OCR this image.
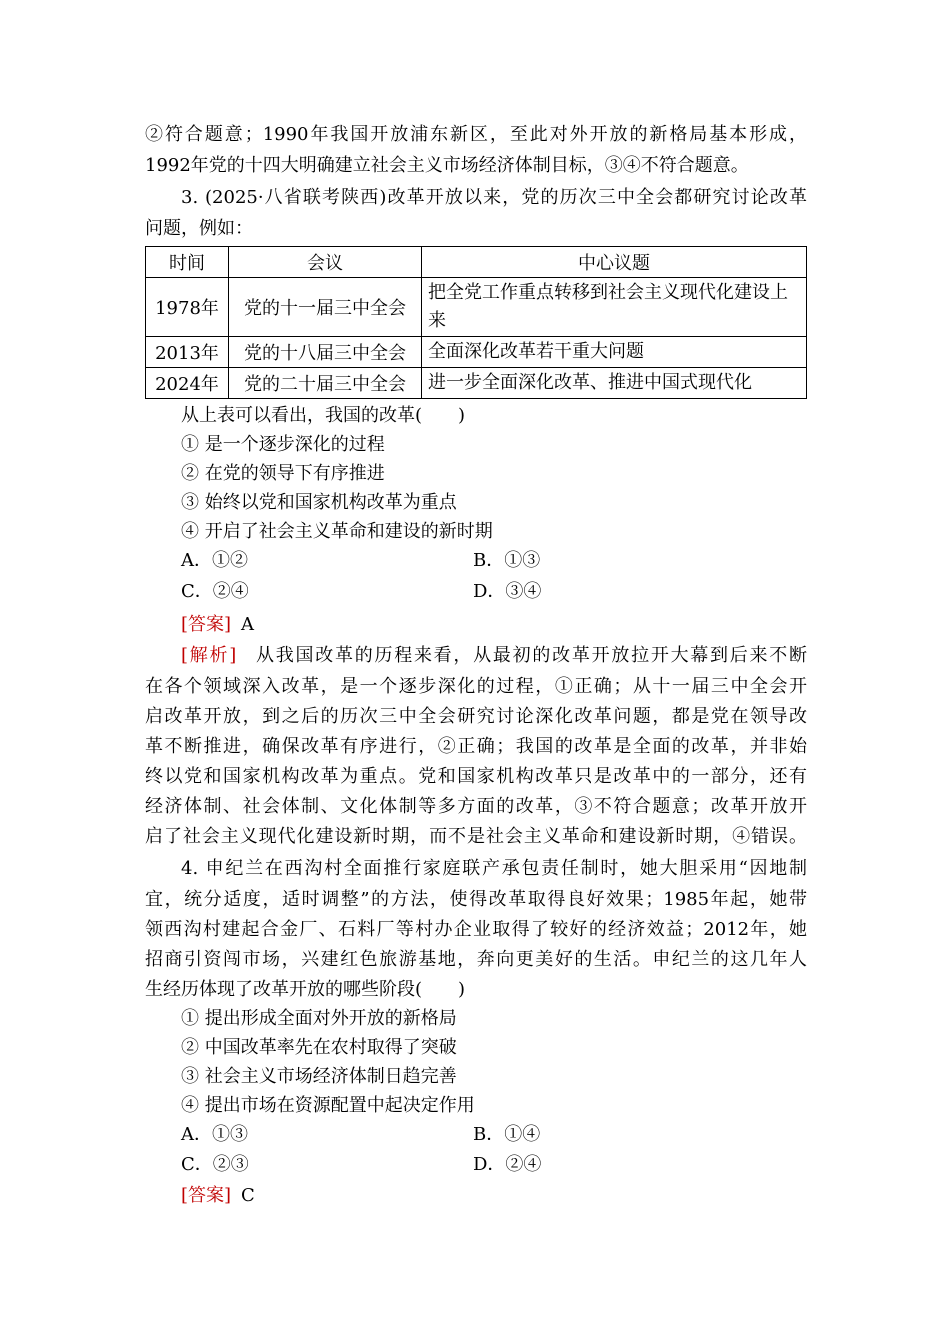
②符合题意；1990年我国开放浦东新区，至此对外开放的新格局基本形成，
1992年党的十四大明确建立社会主义市场经济体制目标，③④不符合题意。
3. (2025·八省联考陕西)改革开放以来，党的历次三中全会都研究讨论改革
问题，例如：
时间	会议	中心议题
1978年	党的十一届三中全会	把全党工作重点转移到社会主义现代化建设上来
2013年	党的十八届三中全会	全面深化改革若干重大问题
2024年	党的二十届三中全会	进一步全面深化改革、推进中国式现代化
从上表可以看出，我国的改革(　　)
① 是一个逐步深化的过程
② 在党的领导下有序推进
③ 始终以党和国家机构改革为重点
④ 开启了社会主义革命和建设的新时期
A．①②	B．①③
C．②④	D．③④
[答案] A
[解析] 从我国改革的历程来看，从最初的改革开放拉开大幕到后来不断
在各个领域深入改革，是一个逐步深化的过程，①正确；从十一届三中全会开
启改革开放，到之后的历次三中全会研究讨论深化改革问题，都是党在领导改
革不断推进，确保改革有序进行，②正确；我国的改革是全面的改革，并非始
终以党和国家机构改革为重点。党和国家机构改革只是改革中的一部分，还有
经济体制、社会体制、文化体制等多方面的改革，③不符合题意；改革开放开
启了社会主义现代化建设新时期，而不是社会主义革命和建设新时期，④错误。
4. 申纪兰在西沟村全面推行家庭联产承包责任制时，她大胆采用“因地制
宜，统分适度，适时调整”的方法，使得改革取得良好效果；1985年起，她带
领西沟村建起合金厂、石料厂等村办企业取得了较好的经济效益；2012年，她
招商引资闯市场，兴建红色旅游基地，奔向更美好的生活。申纪兰的这几年人
生经历体现了改革开放的哪些阶段(　　)
① 提出形成全面对外开放的新格局
② 中国改革率先在农村取得了突破
③ 社会主义市场经济体制日趋完善
④ 提出市场在资源配置中起决定作用
A．①③	B．①④
C．②③	D．②④
[答案] C
